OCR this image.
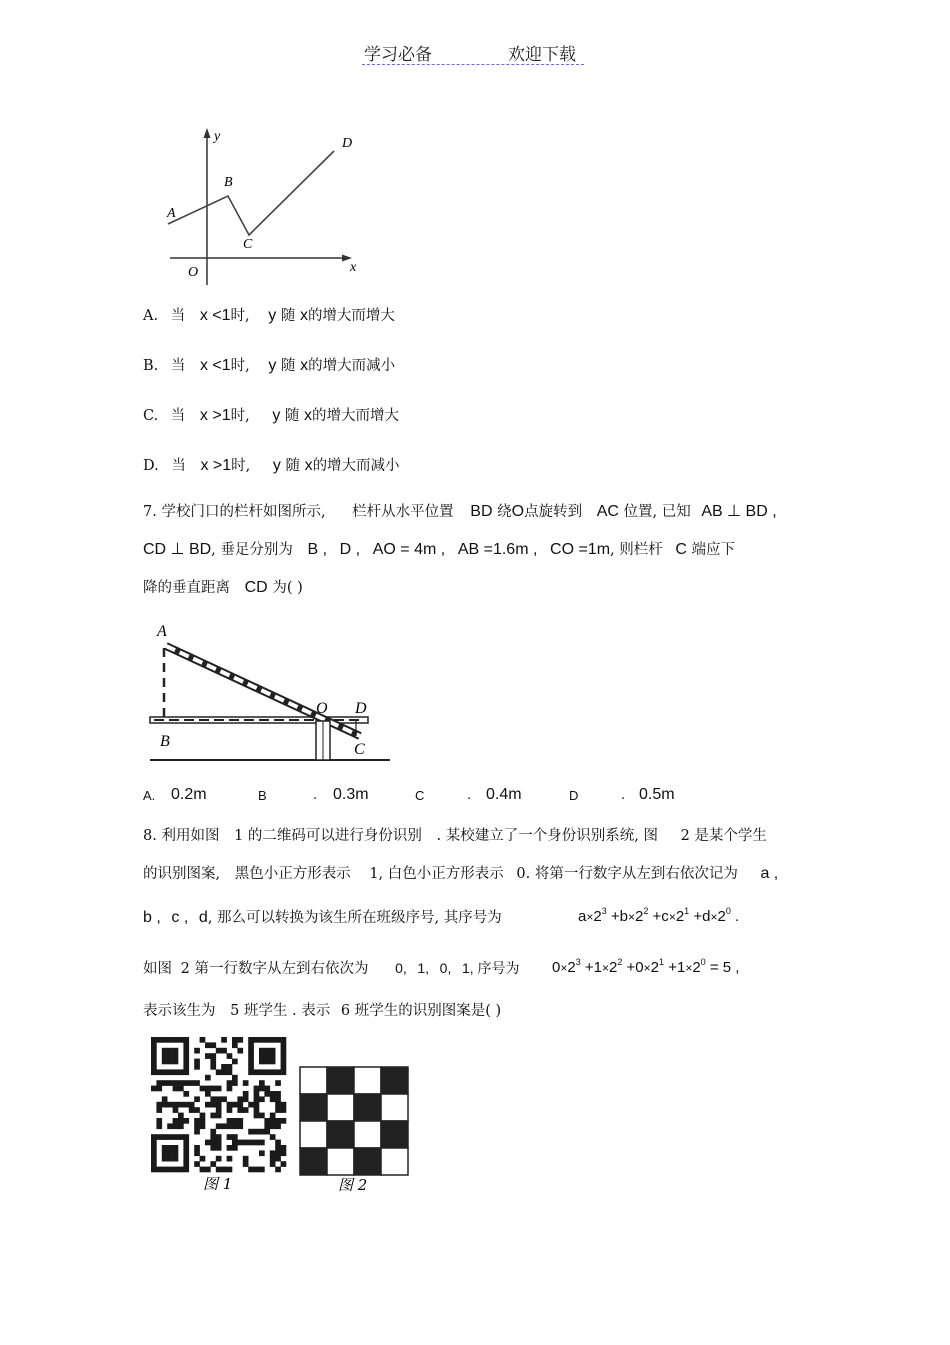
学习必备	欢迎下载
y
x
O
A
B
C
D
A. 当 x <1时, y 随 x的增大而增大
B. 当 x <1时, y 随 x的增大而减小
C. 当 x >1时, y 随 x的增大而增大
D. 当 x >1时, y 随 x的增大而减小
7. 学校门口的栏杆如图所示, 栏杆从水平位置 BD 绕O点旋转到 AC 位置, 已知 AB ⊥ BD ,
CD ⊥ BD, 垂足分别为 B , D , AO = 4m , AB =1.6m , CO =1m, 则栏杆 C 端应下
降的垂直距离 CD 为( )
A
B
O D
C
A. 0.2m	B	. 0.3m	C	. 0.4m	D	. 0.5m
8. 利用如图 1 的二维码可以进行身份识别 . 某校建立了一个身份识别系统, 图 2 是某个学生
的识别图案, 黑色小正方形表示 1, 白色小正方形表示 0. 将第一行数字从左到右依次记为 a ,
b , c , d, 那么可以转换为该生所在班级序号, 其序号为	$a\times 2^3 +b\times 2^2 +c\times 2^1 +d\times 2^0$ .
如图 2 第一行数字从左到右依次为 0, 1, 0, 1, 序号为 $0\times 2^3 +1\times 2^2 +0\times 2^1 +1\times 2^0 = 5$ ,
表示该生为 5 班学生 . 表示 6 班学生的识别图案是( )
图 1	图 2
